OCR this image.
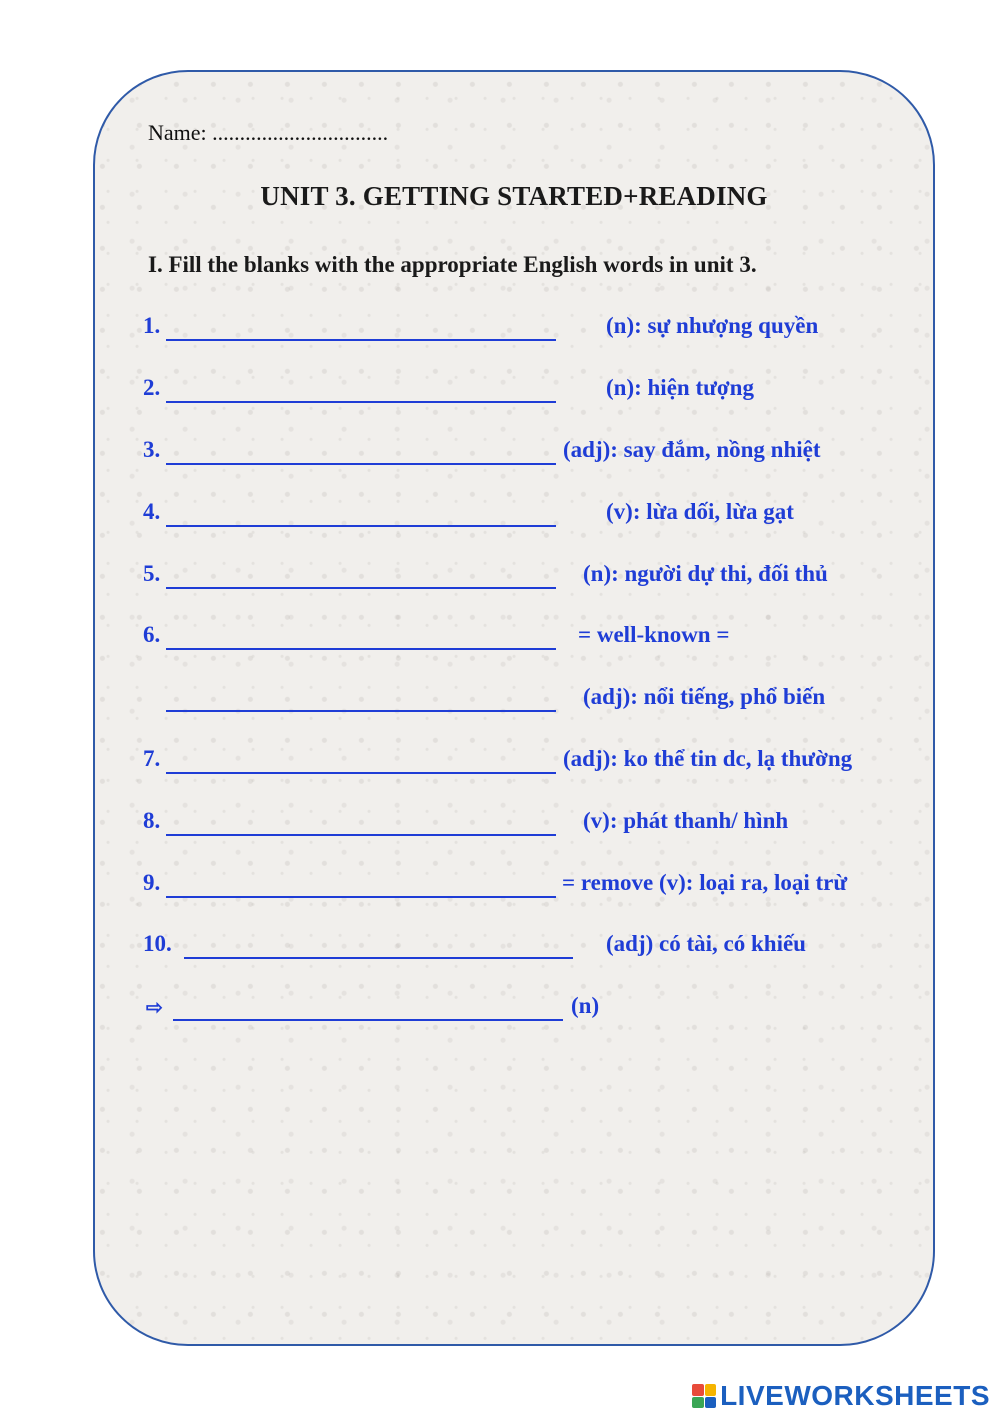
Name: ................................
UNIT 3. GETTING STARTED+READING
I. Fill the blanks with the appropriate English words in unit 3.
1.	(n): sự nhượng quyền
2.	(n): hiện tượng
3.	(adj): say đắm, nồng nhiệt
4.	(v): lừa dối, lừa gạt
5.	(n): người dự thi, đối thủ
6.	= well-known =
(adj): nổi tiếng, phổ biến
7.	(adj): ko thể tin dc, lạ thường
8.	(v): phát thanh/ hình
9.	= remove (v): loại ra, loại trừ
10.	(adj) có tài, có khiếu
⇨	(n)
LIVEWORKSHEETS
